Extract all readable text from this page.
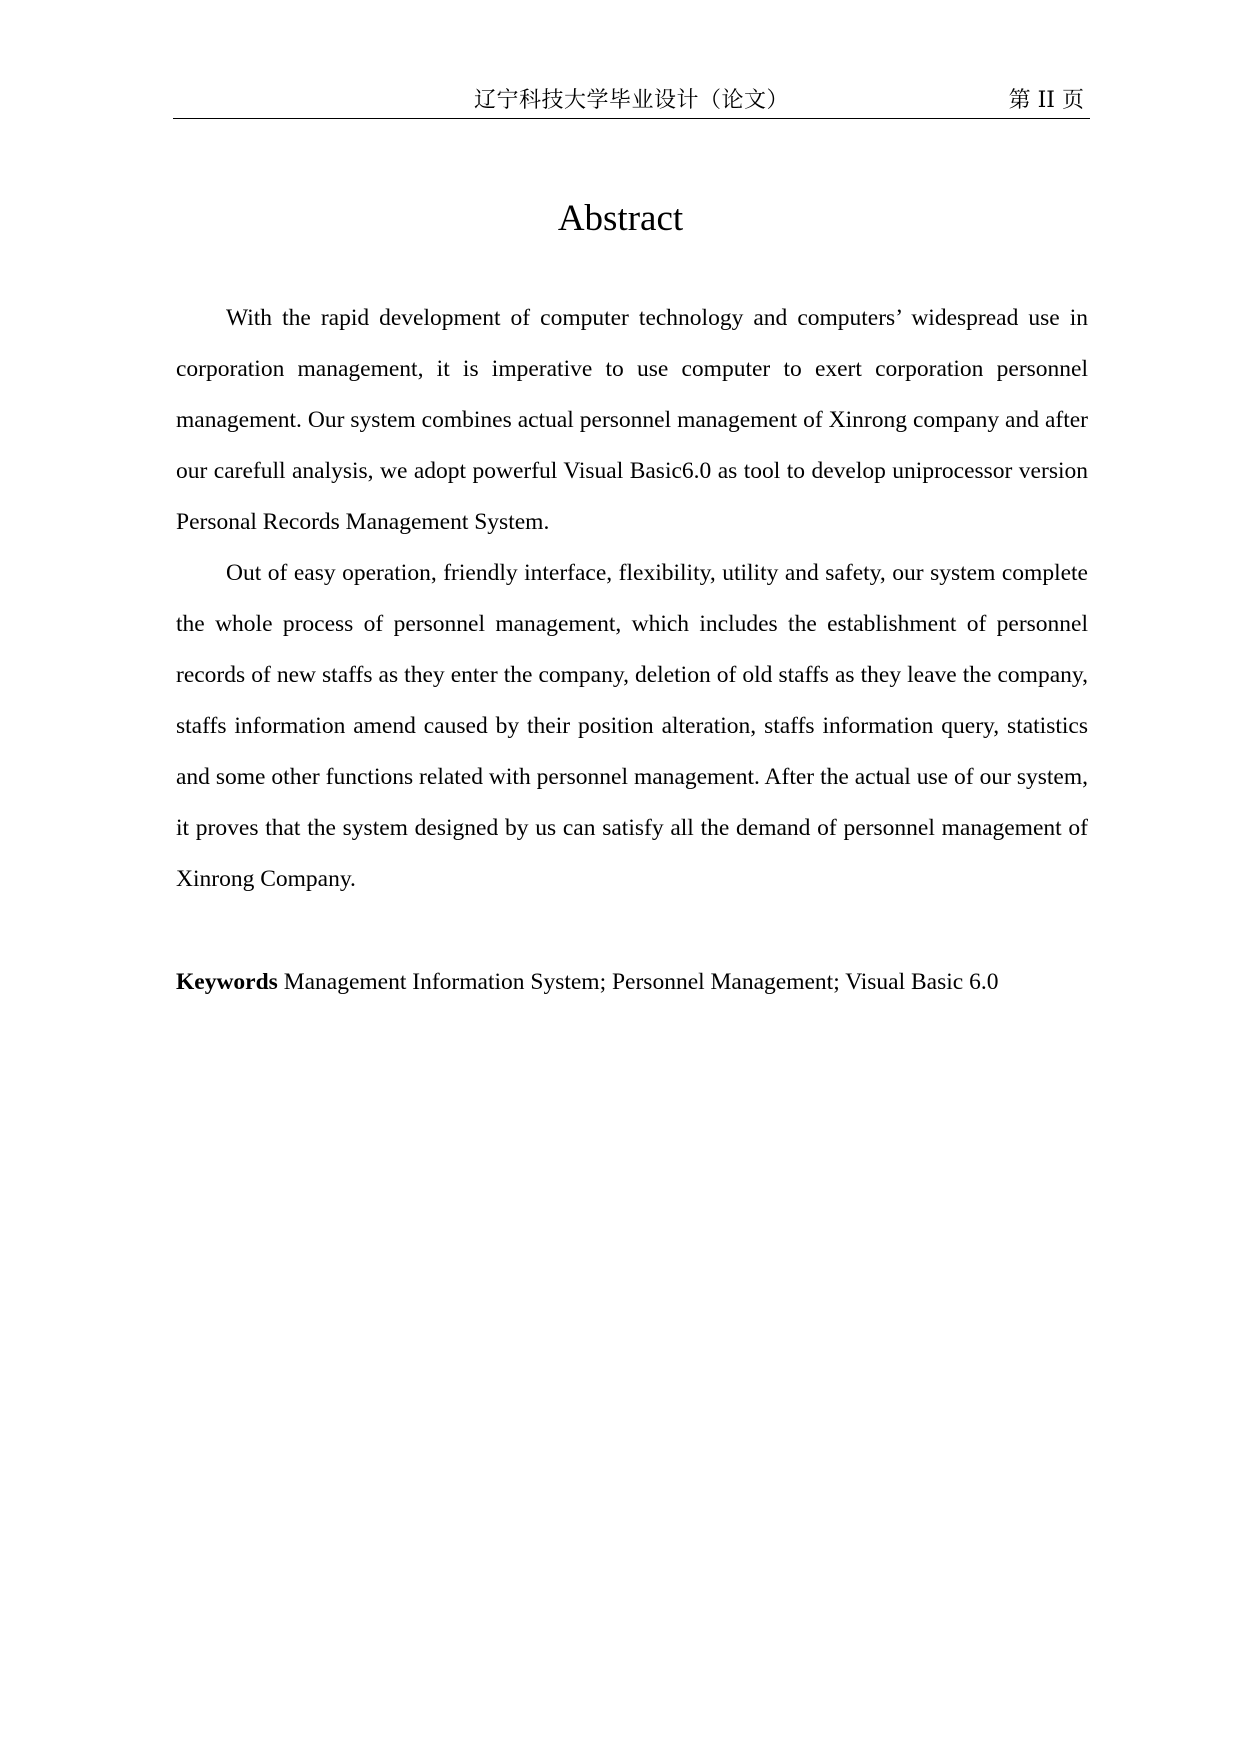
辽宁科技大学毕业设计（论文）	第 II 页
Abstract

With the rapid development of computer technology and computers’ widespread use in corporation management, it is imperative to use computer to exert corporation personnel management. Our system combines actual personnel management of Xinrong company and after our carefull analysis, we adopt powerful Visual Basic6.0 as tool to develop uniprocessor version Personal Records Management System.

Out of easy operation, friendly interface, flexibility, utility and safety, our system complete the whole process of personnel management, which includes the establishment of personnel records of new staffs as they enter the company, deletion of old staffs as they leave the company, staffs information amend caused by their position alteration, staffs information query, statistics and some other functions related with personnel management. After the actual use of our system, it proves that the system designed by us can satisfy all the demand of personnel management of Xinrong Company.

Keywords Management Information System; Personnel Management; Visual Basic 6.0
